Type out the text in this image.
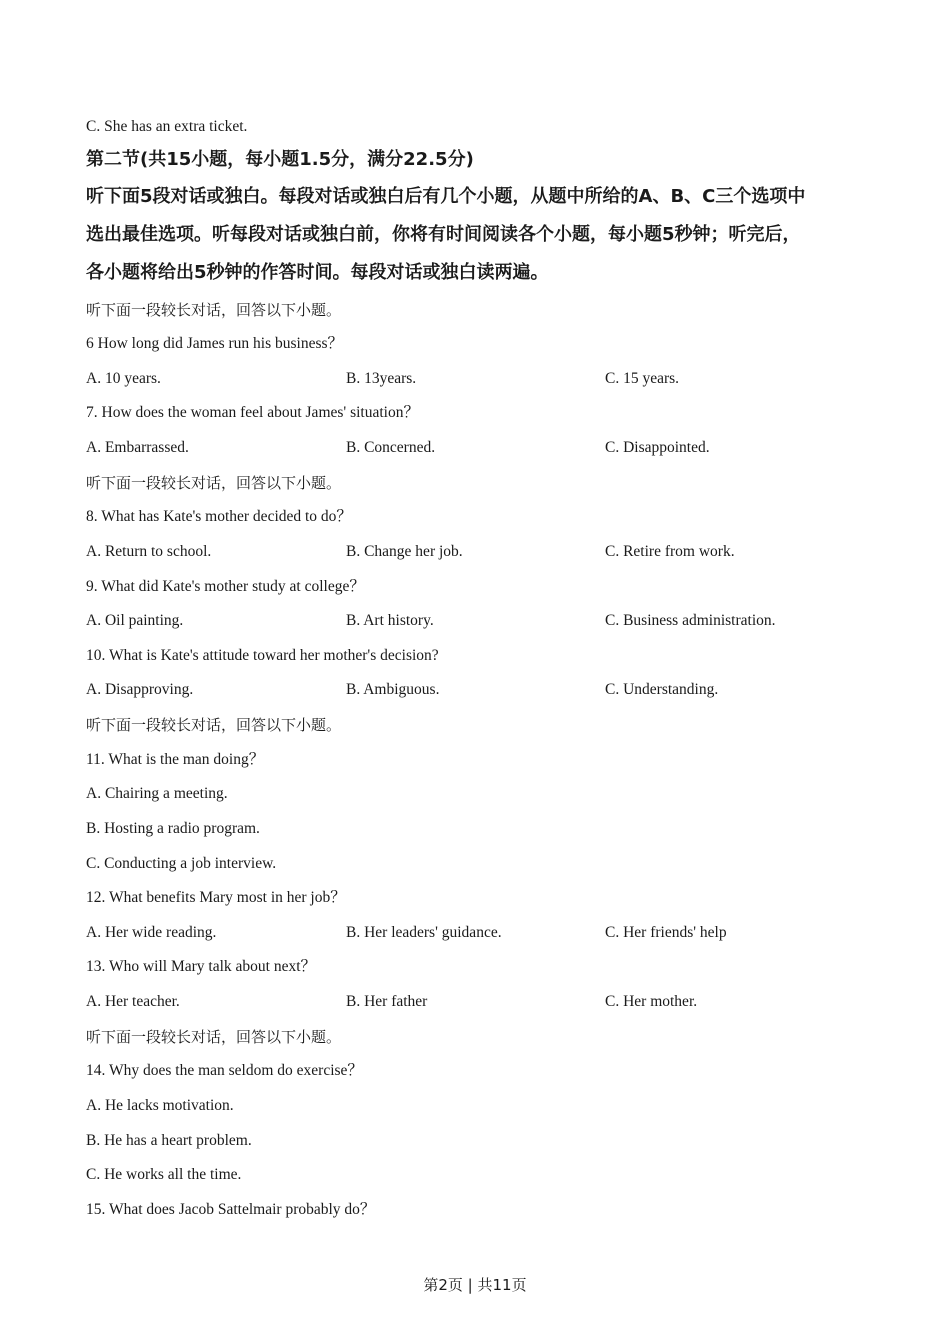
C. She has an extra ticket.
第二节(共15小题，每小题1.5分，满分22.5分)
听下面5段对话或独白。每段对话或独白后有几个小题，从题中所给的A、B、C三个选项中
选出最佳选项。听每段对话或独白前，你将有时间阅读各个小题，每小题5秒钟；听完后，
各小题将给出5秒钟的作答时间。每段对话或独白读两遍。
听下面一段较长对话，回答以下小题。
6 How long did James run his business？
A. 10 years.	B. 13years.	C. 15 years.
7. How does the woman feel about James' situation？
A. Embarrassed.	B. Concerned.	C. Disappointed.
听下面一段较长对话，回答以下小题。
8. What has Kate's mother decided to do？
A. Return to school.	B. Change her job.	C. Retire from work.
9. What did Kate's mother study at college？
A. Oil painting.	B. Art history.	C. Business administration.
10. What is Kate's attitude toward her mother's decision?
A. Disapproving.	B. Ambiguous.	C. Understanding.
听下面一段较长对话，回答以下小题。
11. What is the man doing？
A. Chairing a meeting.
B. Hosting a radio program.
C. Conducting a job interview.
12. What benefits Mary most in her job？
A. Her wide reading.	B. Her leaders' guidance.	C. Her friends' help
13. Who will Mary talk about next？
A. Her teacher.	B. Her father	C. Her mother.
听下面一段较长对话，回答以下小题。
14. Why does the man seldom do exercise？
A. He lacks motivation.
B. He has a heart problem.
C. He works all the time.
15. What does Jacob Sattelmair probably do？
第2页 | 共11页
